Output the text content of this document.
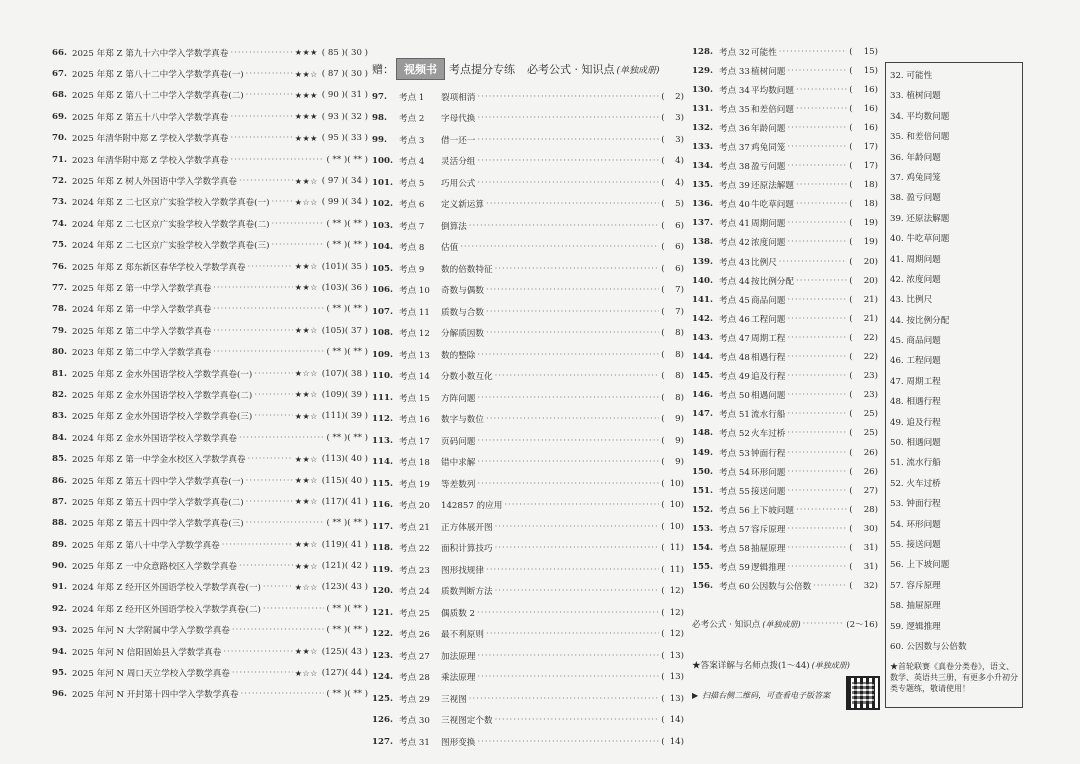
66. 2025 年郑 Z 第九十六中学入学数学真卷 ·····	★★★ ( 85 ) ( 30 )
67. 2025 年郑 Z 第八十二中学入学数学真卷(一) ·····	★★☆ ( 87 ) ( 30 )
68. 2025 年郑 Z 第八十二中学入学数学真卷(二) ·····	★★★ ( 90 ) ( 31 )
69. 2025 年郑 Z 第五十八中学入学数学真卷 ·····	★★★ ( 93 ) ( 32 )
70. 2025 年清华附中郑 Z 学校入学数学真卷 ·····	★★★ ( 95 ) ( 33 )
71. 2023 年清华附中郑 Z 学校入学数学真卷 ·····	( ** ) ( ** )
72. 2025 年郑 Z 树人外国语中学入学数学真卷 ·····	★★☆ ( 97 ) ( 34 )
73. 2024 年郑 Z 二七区京广实验学校入学数学真卷(一) ·····	★☆☆ ( 99 ) ( 34 )
74. 2024 年郑 Z 二七区京广实验学校入学数学真卷(二) ·····	( ** ) ( ** )
75. 2024 年郑 Z 二七区京广实验学校入学数学真卷(三) ·····	( ** ) ( ** )
76. 2025 年郑 Z 郑东新区春华学校入学数学真卷 ·····	★★☆ (101) ( 35 )
77. 2025 年郑 Z 第一中学入学数学真卷 ·····	★★☆ (103) ( 36 )
78. 2024 年郑 Z 第一中学入学数学真卷 ·····	( ** ) ( ** )
79. 2025 年郑 Z 第二中学入学数学真卷 ·····	★★☆ (105) ( 37 )
80. 2023 年郑 Z 第二中学入学数学真卷 ·····	( ** ) ( ** )
81. 2025 年郑 Z 金水外国语学校入学数学真卷(一) ·····	★☆☆ (107) ( 38 )
82. 2025 年郑 Z 金水外国语学校入学数学真卷(二) ·····	★★☆ (109) ( 39 )
83. 2025 年郑 Z 金水外国语学校入学数学真卷(三) ·····	★★☆ (111) ( 39 )
84. 2024 年郑 Z 金水外国语学校入学数学真卷 ·····	( ** ) ( ** )
85. 2025 年郑 Z 第一中学金水校区入学数学真卷 ·····	★★☆ (113) ( 40 )
86. 2025 年郑 Z 第五十四中学入学数学真卷(一) ·····	★★☆ (115) ( 40 )
87. 2025 年郑 Z 第五十四中学入学数学真卷(二) ·····	★★☆ (117) ( 41 )
88. 2025 年郑 Z 第五十四中学入学数学真卷(三) ·····	( ** ) ( ** )
89. 2025 年郑 Z 第八十中学入学数学真卷 ·····	★★☆ (119) ( 41 )
90. 2025 年郑 Z 一中众意路校区入学数学真卷 ·····	★★☆ (121) ( 42 )
91. 2024 年郑 Z 经开区外国语学校入学数学真卷(一) ·····	★☆☆ (123) ( 43 )
92. 2024 年郑 Z 经开区外国语学校入学数学真卷(二) ·····	( ** ) ( ** )
93. 2025 年河 N 大学附属中学入学数学真卷 ·····	( ** ) ( ** )
94. 2025 年河 N 信阳固始县入学数学真卷 ·····	★★☆ (125) ( 43 )
95. 2025 年河 N 周口天立学校入学数学真卷 ·····	★☆☆ (127) ( 44 )
96. 2025 年河 N 开封第十四中学入学数学真卷 ·····	( ** ) ( ** )
赠： 视频书	考点提分专练 必考公式 · 知识点 (单独成册)
97.	考点 1	裂项相消 ·····	(	2 )
98.	考点 2	字母代换 ·····	(	3 )
99.	考点 3	借一还一 ·····	(	3 )
100. 考点 4	灵活分组 ·····	(	4 )
101. 考点 5	巧用公式 ·····	(	4 )
102. 考点 6	定义新运算 ·····	(	5 )
103. 考点 7	倒算法 ·····	(	6 )
104. 考点 8	估值 ·····	(	6 )
105. 考点 9	数的倍数特征 ·····	(	6 )
106. 考点 10	奇数与偶数 ·····	(	7 )
107. 考点 11	质数与合数 ·····	(	7 )
108. 考点 12	分解质因数 ·····	(	8 )
109. 考点 13	数的整除 ·····	(	8 )
110. 考点 14	分数小数互化 ·····	(	8 )
111. 考点 15	方阵问题 ·····	(	8 )
112. 考点 16	数字与数位 ·····	(	9 )
113. 考点 17	页码问题 ·····	(	9 )
114. 考点 18	错中求解 ·····	(	9 )
115. 考点 19	等差数列 ·····	( 10 )
116. 考点 20	142857 的应用 ·····	( 10 )
117. 考点 21	正方体展开图 ·····	( 10 )
118. 考点 22	面积计算技巧 ·····	( 11 )
119. 考点 23	图形找规律 ·····	( 11 )
120. 考点 24	质数判断方法 ·····	( 12 )
121. 考点 25	偶质数 2 ·····	( 12 )
122. 考点 26	最不利原则 ·····	( 12 )
123. 考点 27	加法原理 ·····	( 13 )
124. 考点 28	乘法原理 ·····	( 13 )
125. 考点 29	三视图 ·····	( 13 )
126. 考点 30	三视图定个数 ·····	( 14 )
127. 考点 31	图形变换 ·····	( 14 )
128. 考点 32 可能性 ·····	(	15 )
129. 考点 33 植树问题 ·····	(	15 )
130. 考点 34 平均数问题 ·····	(	16 )
131. 考点 35 和差倍问题 ·····	(	16 )
132. 考点 36 年龄问题 ·····	(	16 )
133. 考点 37 鸡兔同笼 ·····	(	17 )
134. 考点 38 盈亏问题 ·····	(	17 )
135. 考点 39 还原法解题 ·····	(	18 )
136. 考点 40 牛吃草问题 ·····	(	18 )
137. 考点 41 周期问题 ·····	(	19 )
138. 考点 42 浓度问题 ·····	(	19 )
139. 考点 43 比例尺 ·····	(	20 )
140. 考点 44 按比例分配 ·····	(	20 )
141. 考点 45 商品问题 ·····	(	21 )
142. 考点 46 工程问题 ·····	(	21 )
143. 考点 47 周期工程 ·····	(	22 )
144. 考点 48 相遇行程 ·····	(	22 )
145. 考点 49 追及行程 ·····	(	23 )
146. 考点 50 相遇问题 ·····	(	23 )
147. 考点 51 流水行船 ·····	(	25 )
148. 考点 52 火车过桥 ·····	(	25 )
149. 考点 53 钟面行程 ·····	(	26 )
150. 考点 54 环形问题 ·····	(	26 )
151. 考点 55 接送问题 ·····	(	27 )
152. 考点 56 上下坡问题 ·····	(	28 )
153. 考点 57 容斥原理 ·····	(	30 )
154. 考点 58 抽屉原理 ·····	(	31 )
155. 考点 59 逻辑推理 ·····	(	31 )
156. 考点 60 公因数与公倍数 ·····	(	32 )
必考公式 · 知识点 (单独成册) ·····	(2～16)
★答案详解与名师点拨 (1～44) (单独成册)
▶ 扫描右侧二维码，可查看电子版答案
32. 可能性
33. 植树问题
34. 平均数问题
35. 和差倍问题
36. 年龄问题
37. 鸡兔同笼
38. 盈亏问题
39. 还原法解题
40. 牛吃草问题
41. 周期问题
42. 浓度问题
43. 比例尺
44. 按比例分配
45. 商品问题
46. 工程问题
47. 周期工程
48. 相遇行程
49. 追及行程
50. 相遇问题
51. 流水行船
52. 火车过桥
53. 钟面行程
54. 环形问题
55. 接送问题
56. 上下坡问题
57. 容斥原理
58. 抽屉原理
59. 逻辑推理
60. 公因数与公倍数
★首轮联赛《真卷分类卷》，语文、数学、英语共三册，有更多小升初分类专题练，敬请使用！
